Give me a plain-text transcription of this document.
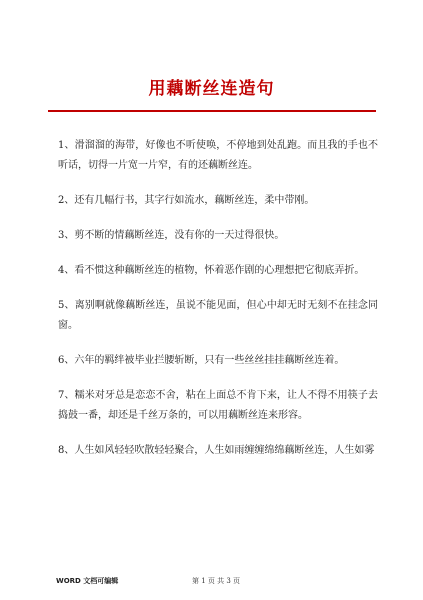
用藕断丝连造句
1、滑溜溜的海带，好像也不听使唤，不停地到处乱跑。而且我的手也不听话，切得一片宽一片窄，有的还藕断丝连。
2、还有几幅行书，其字行如流水，藕断丝连，柔中带刚。
3、剪不断的情藕断丝连，没有你的一天过得很快。
4、看不惯这种藕断丝连的植物，怀着恶作剧的心理想把它彻底弄折。
5、离别啊就像藕断丝连，虽说不能见面，但心中却无时无刻不在挂念同窗。
6、六年的羁绊被毕业拦腰斩断，只有一些丝丝挂挂藕断丝连着。
7、糯米对牙总是恋恋不舍，粘在上面总不肯下来，让人不得不用筷子去捣鼓一番，却还是千丝万条的，可以用藕断丝连来形容。
8、人生如风轻轻吹散轻轻聚合，人生如雨缠缠绵绵藕断丝连，人生如雾
WORD 文档可编辑	第 1 页 共 3 页
